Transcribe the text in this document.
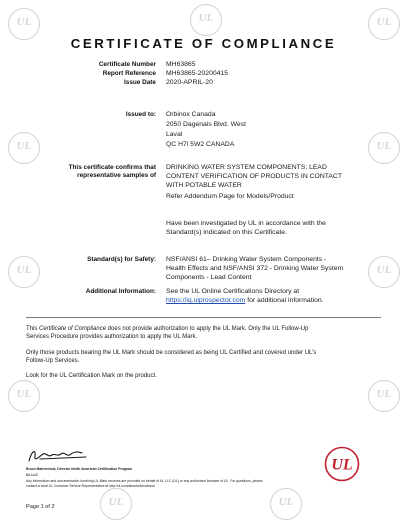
UL
UL
UL
UL
UL
UL
UL
UL
UL
UL
UL
CERTIFICATE OF COMPLIANCE
Certificate Number MH63865
Report Reference MH63865-20200415
Issue Date 2020-APRIL-20
Issued to: Orbinox Canada
2050 Dagenais Blvd. West
Laval
QC H7l 5W2 CANADA
This certificate confirms that
representative samples of
DRINKING WATER SYSTEM COMPONENTS; LEAD
CONTENT VERIFICATION OF PRODUCTS IN CONTACT
WITH POTABLE WATER
Refer Addendum Page for Models/Product
Have been investigated by UL in accordance with the
Standard(s) indicated on this Certificate.
Standard(s) for Safety: NSF/ANSI 61– Drinking Water System Components -
Health Effects and NSF/ANSI 372 - Drinking Water System
Components - Lead Content
Additional Information: See the UL Online Certifications Directory at
https://iq.ulprospector.com for additional information.
This Certificate of Compliance does not provide authorization to apply the UL Mark. Only the UL Follow-Up
Services Procedure provides authorization to apply the UL Mark.
Only those products bearing the UL Mark should be considered as being UL Certified and covered under UL’s
Follow-Up Services.
Look for the UL Certification Mark on the product.
Bruce Mahrenholz, Director North American Certification Program
UL LLC
Any information and documentation involving UL Mark services are provided on behalf of UL LLC (UL) or any authorized licensee of UL. For questions, please
contact a local UL Customer Service Representative at http://ul.com/aboutul/locations/
UL
Page 1 of 2
